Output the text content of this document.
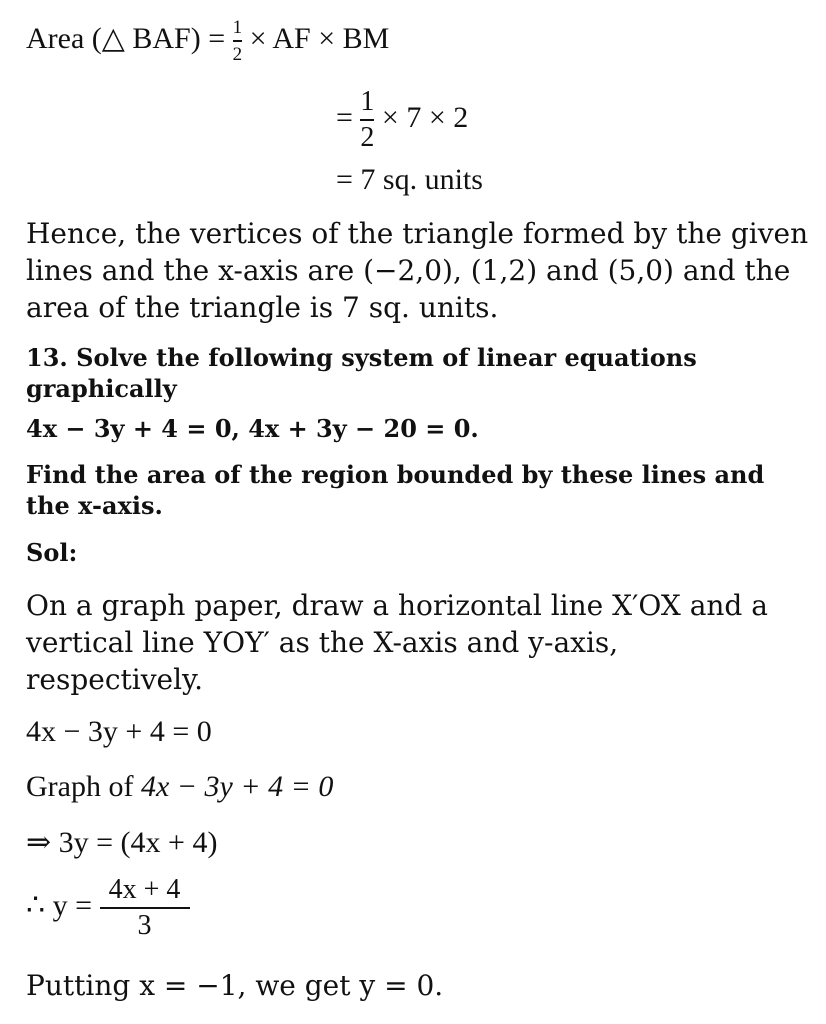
Area (△ $BAF) = \frac{1}{2}$ × AF × BM
= $\frac{1}{2} \times 7 \times 2$
= 7 sq. units
Hence, the vertices of the triangle formed by the given
lines and the x-axis are (−2,0), (1,2) and (5,0) and the
area of the triangle is 7 sq. units.
13. Solve the following system of linear equations
graphically
4x − 3y + 4 = 0, 4x + 3y − 20 = 0.
Find the area of the region bounded by these lines and
the x-axis.
Sol:
On a graph paper, draw a horizontal line X′OX and a
vertical line YOY′ as the X-axis and y-axis,
respectively.
4x − 3y + 4 = 0
Graph of 4x − 3y + 4 = 0
⇒ 3y = (4x + 4)
∴ $y = \frac{4x + 4}{3}$
Putting x = −1, we get y = 0.
